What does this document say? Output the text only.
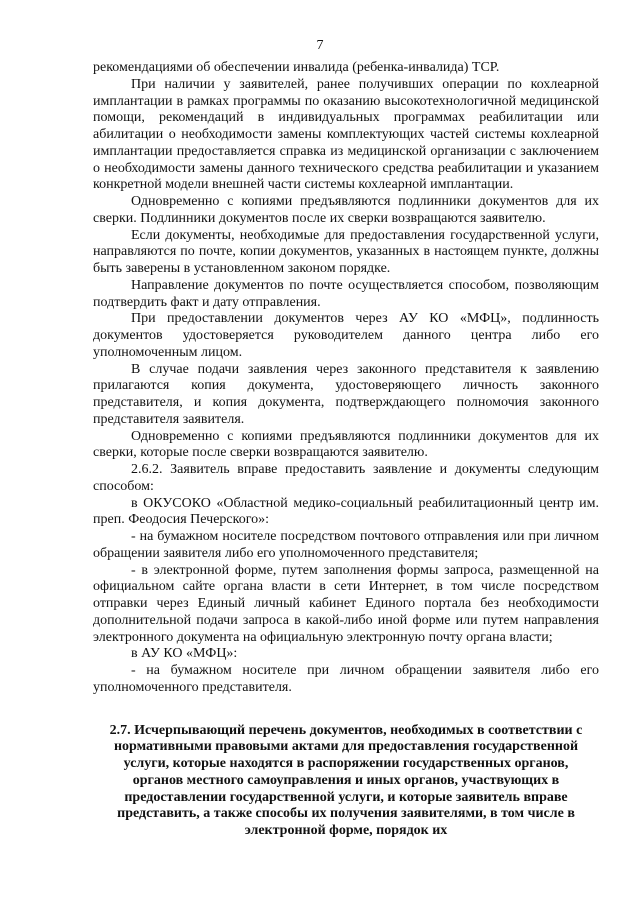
7

рекомендациями об обеспечении инвалида (ребенка-инвалида) ТСР.

При наличии у заявителей, ранее получивших операции по кохлеарной имплантации в рамках программы по оказанию высокотехнологичной медицинской помощи, рекомендаций в индивидуальных программах реабилитации или абилитации о необходимости замены комплектующих частей системы кохлеарной имплантации предоставляется справка из медицинской организации с заключением о необходимости замены данного технического средства реабилитации и указанием конкретной модели внешней части системы кохлеарной имплантации.

Одновременно с копиями предъявляются подлинники документов для их сверки. Подлинники документов после их сверки возвращаются заявителю.

Если документы, необходимые для предоставления государственной услуги, направляются по почте, копии документов, указанных в настоящем пункте, должны быть заверены в установленном законом порядке.

Направление документов по почте осуществляется способом, позволяющим подтвердить факт и дату отправления.

При предоставлении документов через АУ КО «МФЦ», подлинность документов удостоверяется руководителем данного центра либо его уполномоченным лицом.

В случае подачи заявления через законного представителя к заявлению прилагаются копия документа, удостоверяющего личность законного представителя, и копия документа, подтверждающего полномочия законного представителя заявителя.

Одновременно с копиями предъявляются подлинники документов для их сверки, которые после сверки возвращаются заявителю.

2.6.2. Заявитель вправе предоставить заявление и документы следующим способом:

в ОКУСОКО «Областной медико-социальный реабилитационный центр им. преп. Феодосия Печерского»:

- на бумажном носителе посредством почтового отправления или при личном обращении заявителя либо его уполномоченного представителя;

- в электронной форме, путем заполнения формы запроса, размещенной на официальном сайте органа власти в сети Интернет, в том числе посредством отправки через Единый личный кабинет Единого портала без необходимости дополнительной подачи запроса в какой-либо иной форме или путем направления электронного документа на официальную электронную почту органа власти;

в АУ КО «МФЦ»:

- на бумажном носителе при личном обращении заявителя либо его уполномоченного представителя.

2.7. Исчерпывающий перечень документов, необходимых в соответствии с нормативными правовыми актами для предоставления государственной услуги, которые находятся в распоряжении государственных органов, органов местного самоуправления и иных органов, участвующих в предоставлении государственной услуги, и которые заявитель вправе представить, а также способы их получения заявителями, в том числе в электронной форме, порядок их
